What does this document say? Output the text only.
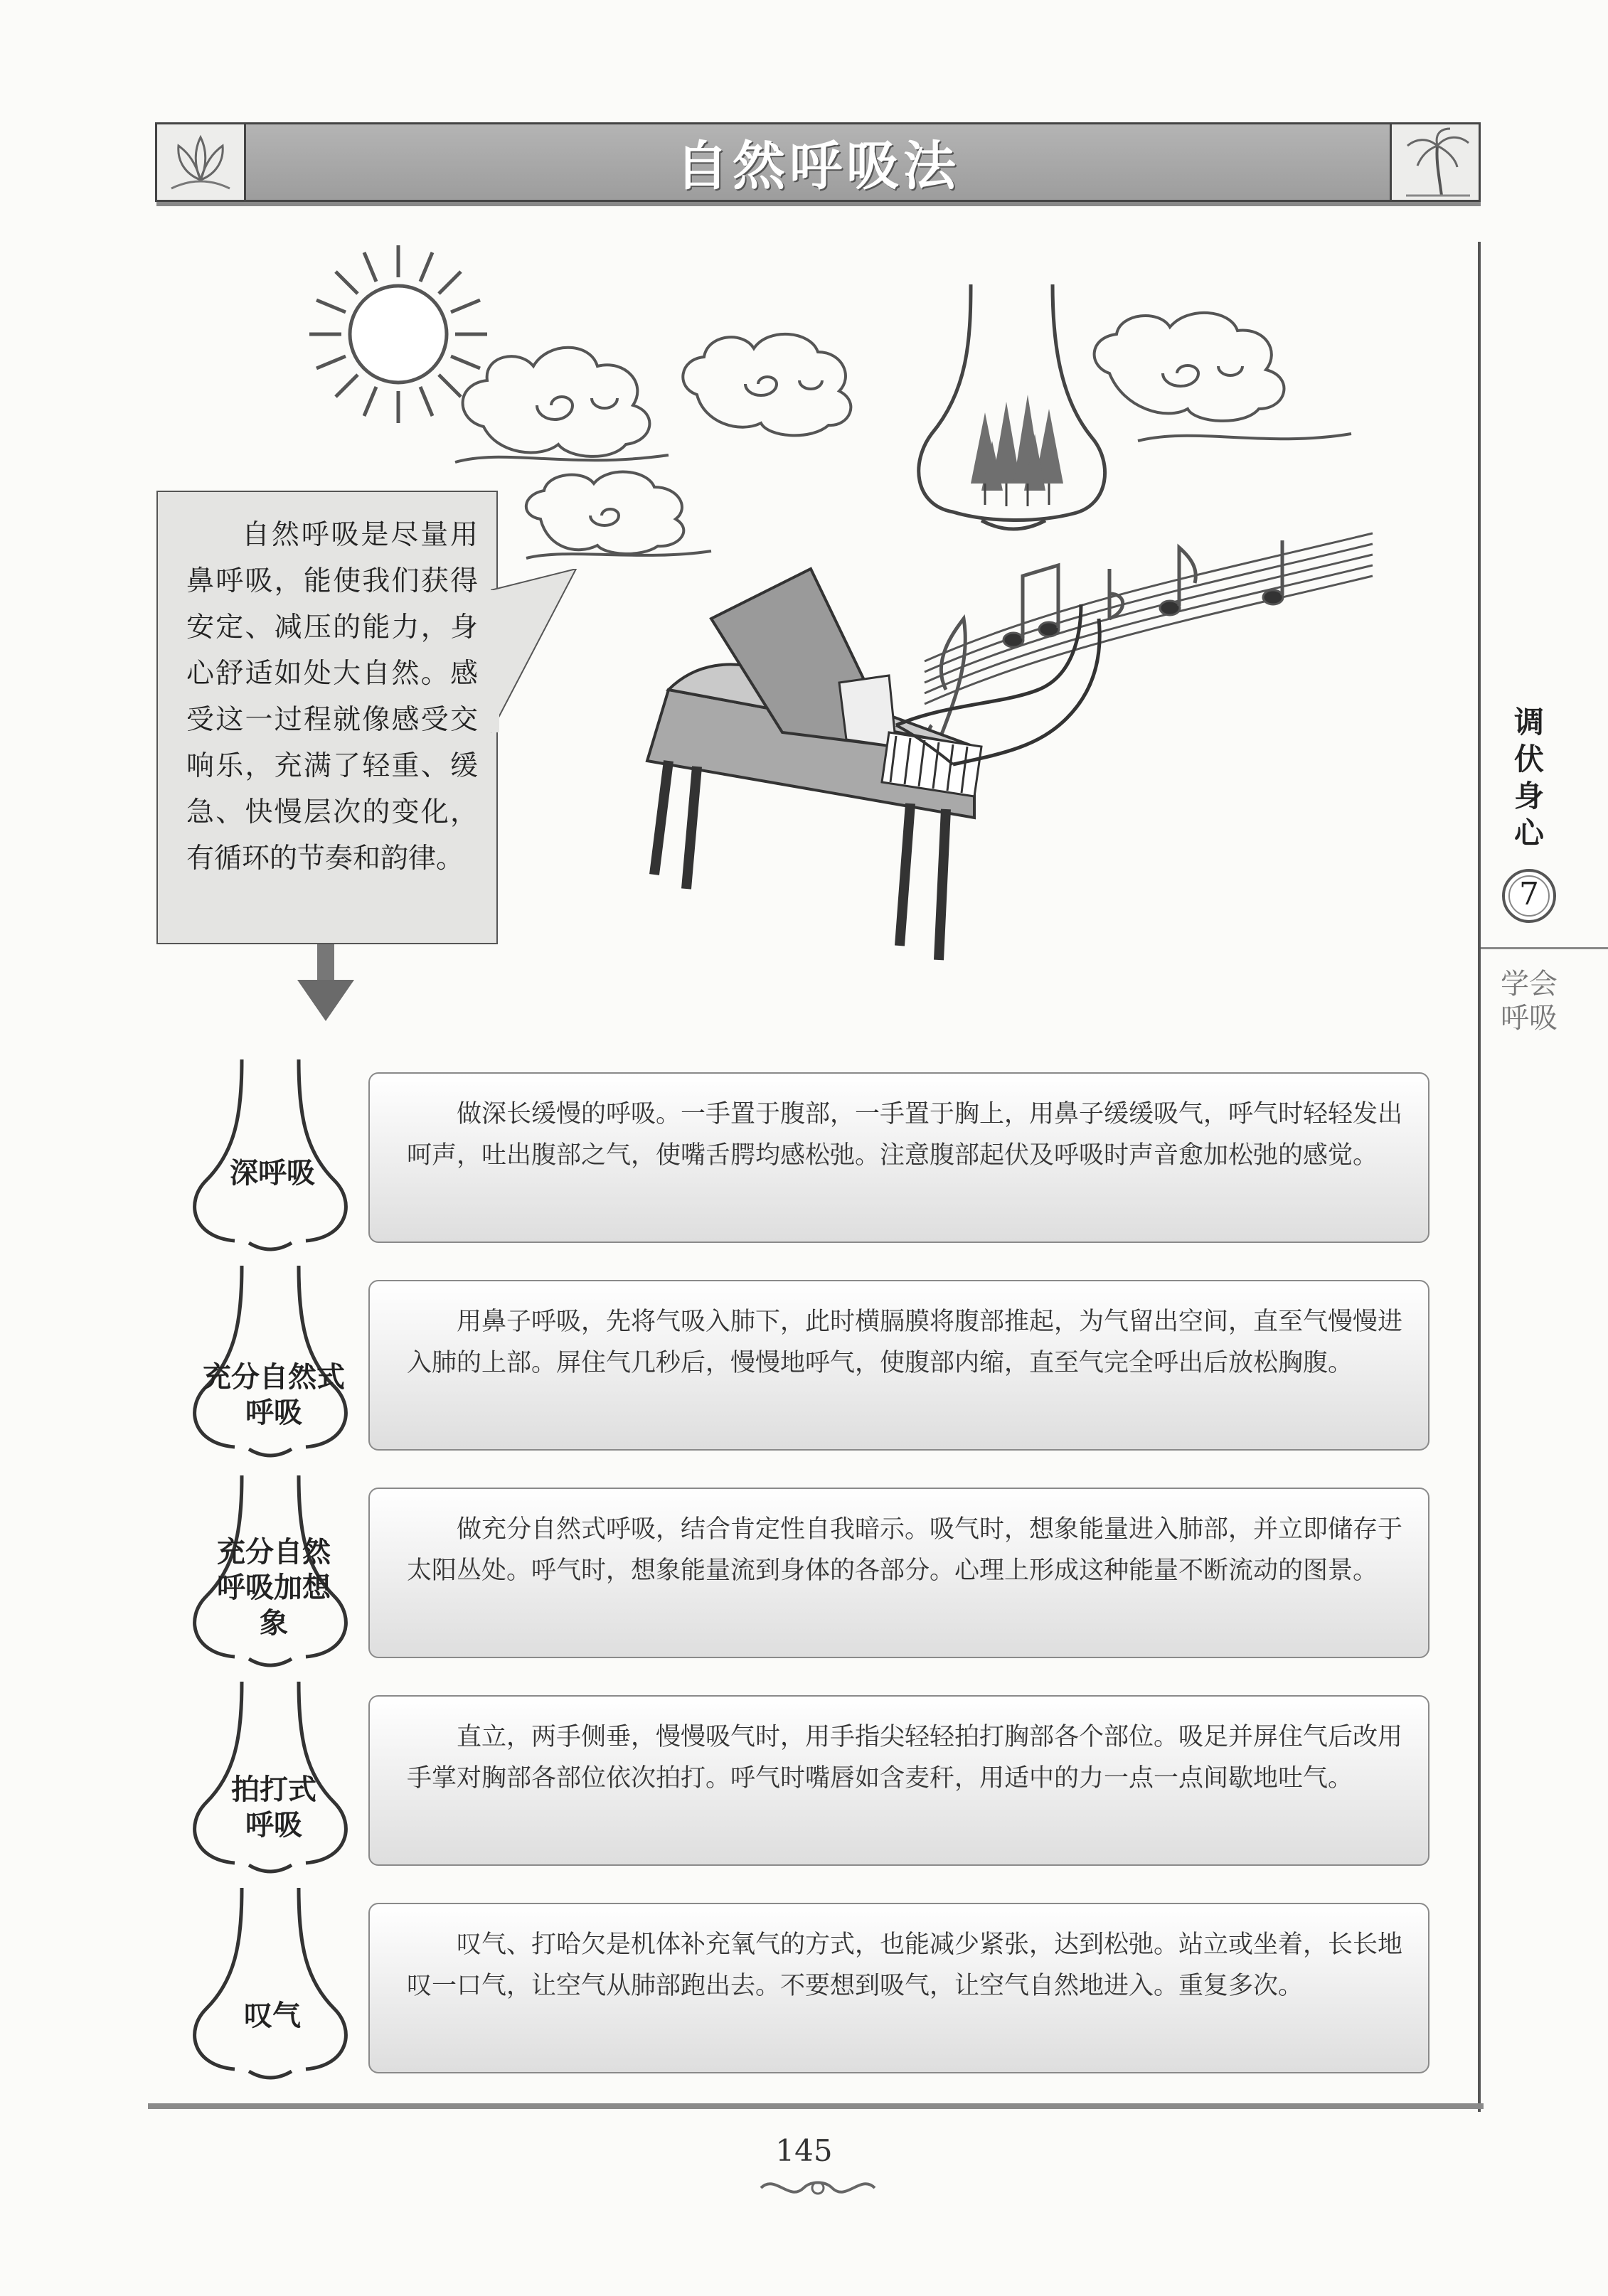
自然呼吸法
自然呼吸是尽量用鼻呼吸，能使我们获得安定、减压的能力，身心舒适如处大自然。感受这一过程就像感受交响乐，充满了轻重、缓急、快慢层次的变化，有循环的节奏和韵律。
调伏身心
7
学会呼吸
深呼吸
做深长缓慢的呼吸。一手置于腹部，一手置于胸上，用鼻子缓缓吸气，呼气时轻轻发出呵声，吐出腹部之气，使嘴舌腭均感松弛。注意腹部起伏及呼吸时声音愈加松弛的感觉。
充分自然式呼吸
用鼻子呼吸，先将气吸入肺下，此时横膈膜将腹部推起，为气留出空间，直至气慢慢进入肺的上部。屏住气几秒后，慢慢地呼气，使腹部内缩，直至气完全呼出后放松胸腹。
充分自然呼吸加想象
做充分自然式呼吸，结合肯定性自我暗示。吸气时，想象能量进入肺部，并立即储存于太阳丛处。呼气时，想象能量流到身体的各部分。心理上形成这种能量不断流动的图景。
拍打式呼吸
直立，两手侧垂，慢慢吸气时，用手指尖轻轻拍打胸部各个部位。吸足并屏住气后改用手掌对胸部各部位依次拍打。呼气时嘴唇如含麦秆，用适中的力一点一点间歇地吐气。
叹气
叹气、打哈欠是机体补充氧气的方式，也能减少紧张，达到松弛。站立或坐着，长长地叹一口气，让空气从肺部跑出去。不要想到吸气，让空气自然地进入。重复多次。
145
